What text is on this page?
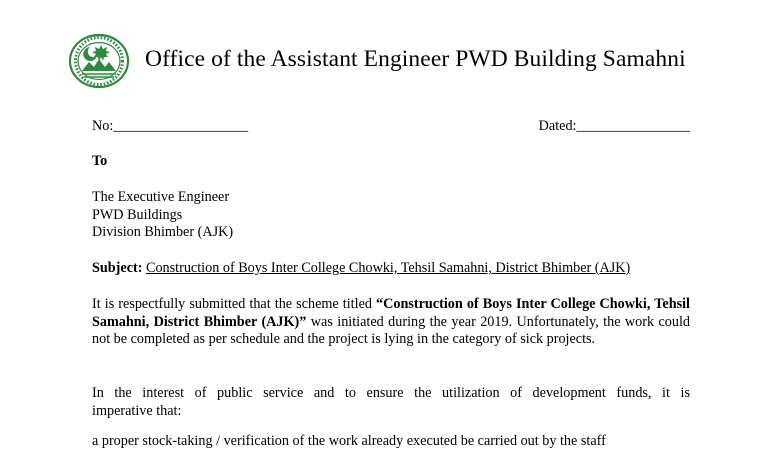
Office of the Assistant Engineer PWD Building Samahni
No:___________________	Dated:________________
To
The Executive Engineer
PWD Buildings
Division Bhimber (AJK)
Subject: Construction of Boys Inter College Chowki, Tehsil Samahni, District Bhimber (AJK)
It is respectfully submitted that the scheme titled “Construction of Boys Inter College Chowki, Tehsil Samahni, District Bhimber (AJK)” was initiated during the year 2019. Unfortunately, the work could not be completed as per schedule and the project is lying in the category of sick projects.
In the interest of public service and to ensure the utilization of development funds, it is
imperative that:
a proper stock-taking / verification of the work already executed be carried out by the staff
